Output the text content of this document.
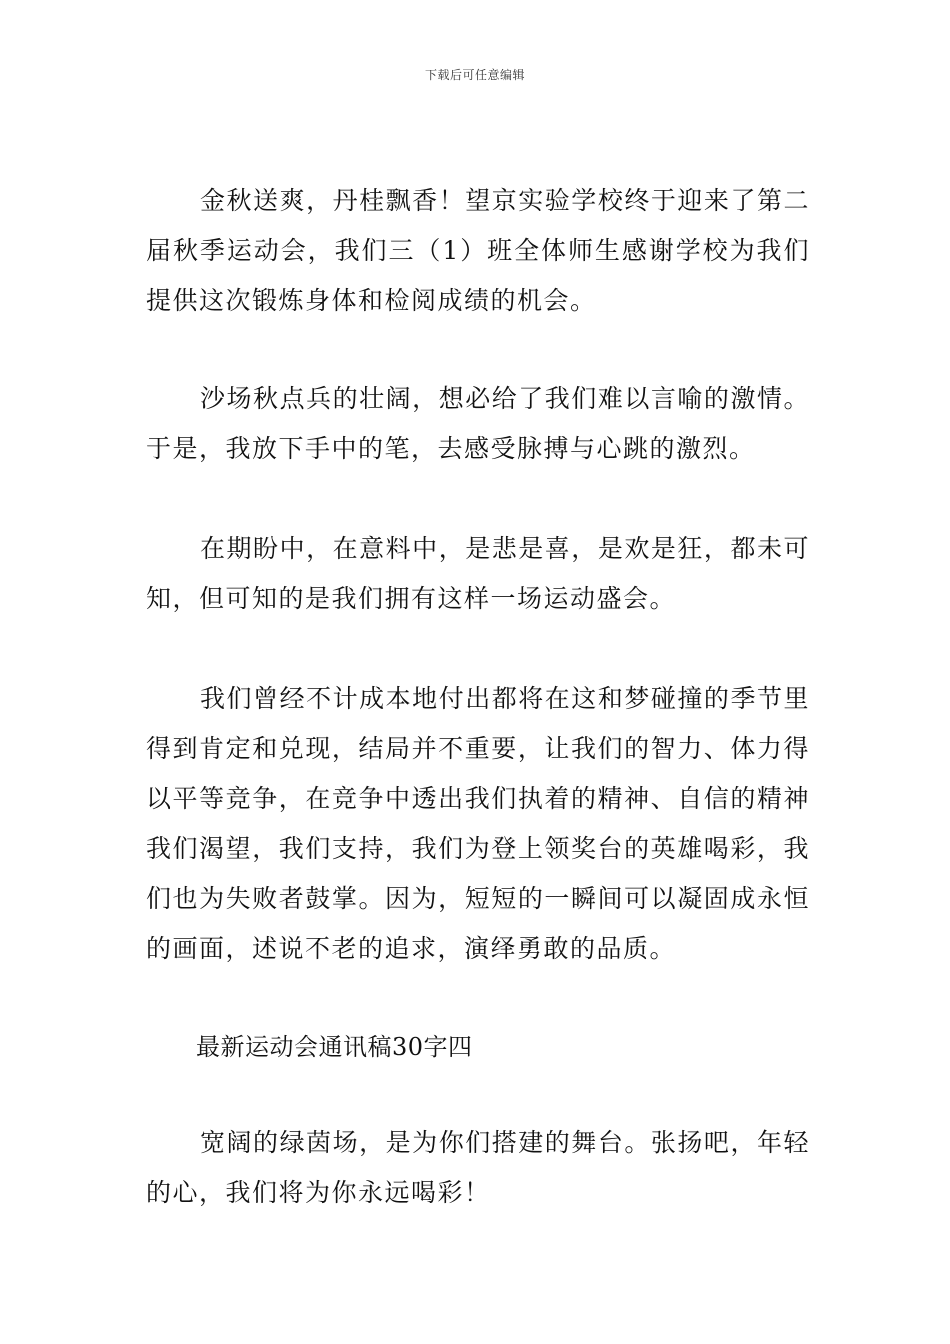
下载后可任意编辑

金秋送爽，丹桂飘香！望京实验学校终于迎来了第二届秋季运动会，我们三（1）班全体师生感谢学校为我们提供这次锻炼身体和检阅成绩的机会。

沙场秋点兵的壮阔，想必给了我们难以言喻的激情。于是，我放下手中的笔，去感受脉搏与心跳的激烈。

在期盼中，在意料中，是悲是喜，是欢是狂，都未可知，但可知的是我们拥有这样一场运动盛会。

我们曾经不计成本地付出都将在这和梦碰撞的季节里得到肯定和兑现，结局并不重要，让我们的智力、体力得以平等竞争，在竞争中透出我们执着的精神、自信的精神我们渴望，我们支持，我们为登上领奖台的英雄喝彩，我们也为失败者鼓掌。因为，短短的一瞬间可以凝固成永恒的画面，述说不老的追求，演绎勇敢的品质。

最新运动会通讯稿30字四

宽阔的绿茵场，是为你们搭建的舞台。张扬吧，年轻的心，我们将为你永远喝彩！
